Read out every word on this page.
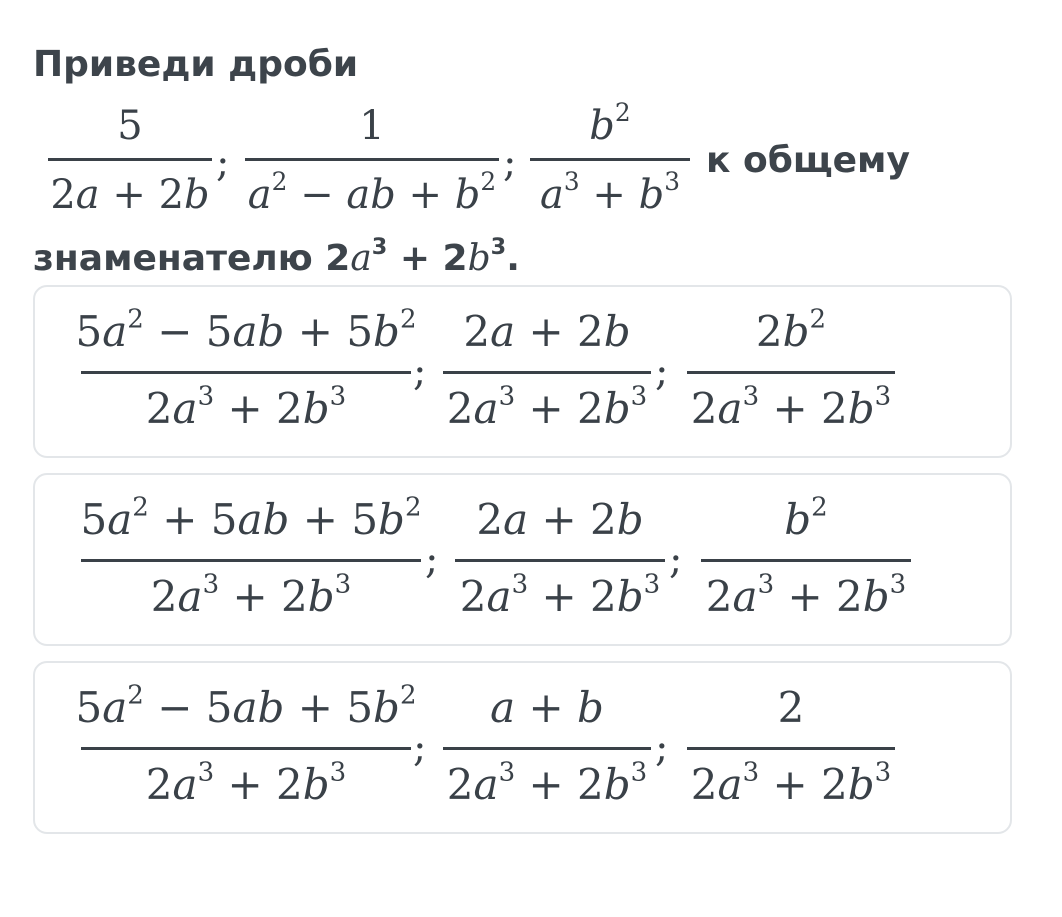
Приведи дроби
5
2a + 2b
;
1
$a^2$ − ab + $b^2$ ;
$b^2$
$a^3 + b^3$
к общему
знаменателю $2a^3 + 2b^3$.
$5a^2 - 5ab + 5b^2$
$2a^3 + 2b^3$
;
2a + 2b
$2a^3 + 2b^3$
;
$2b^2$
$2a^3 + 2b^3$
$5a^2 + 5ab + 5b^2$
$2a^3 + 2b^3$
;
2a + 2b
$2a^3 + 2b^3$
;
$b^2$
$2a^3 + 2b^3$
$5a^2 - 5ab + 5b^2$
$2a^3 + 2b^3$
;
a + b
$2a^3 + 2b^3$
;
2
$2a^3 + 2b^3$
